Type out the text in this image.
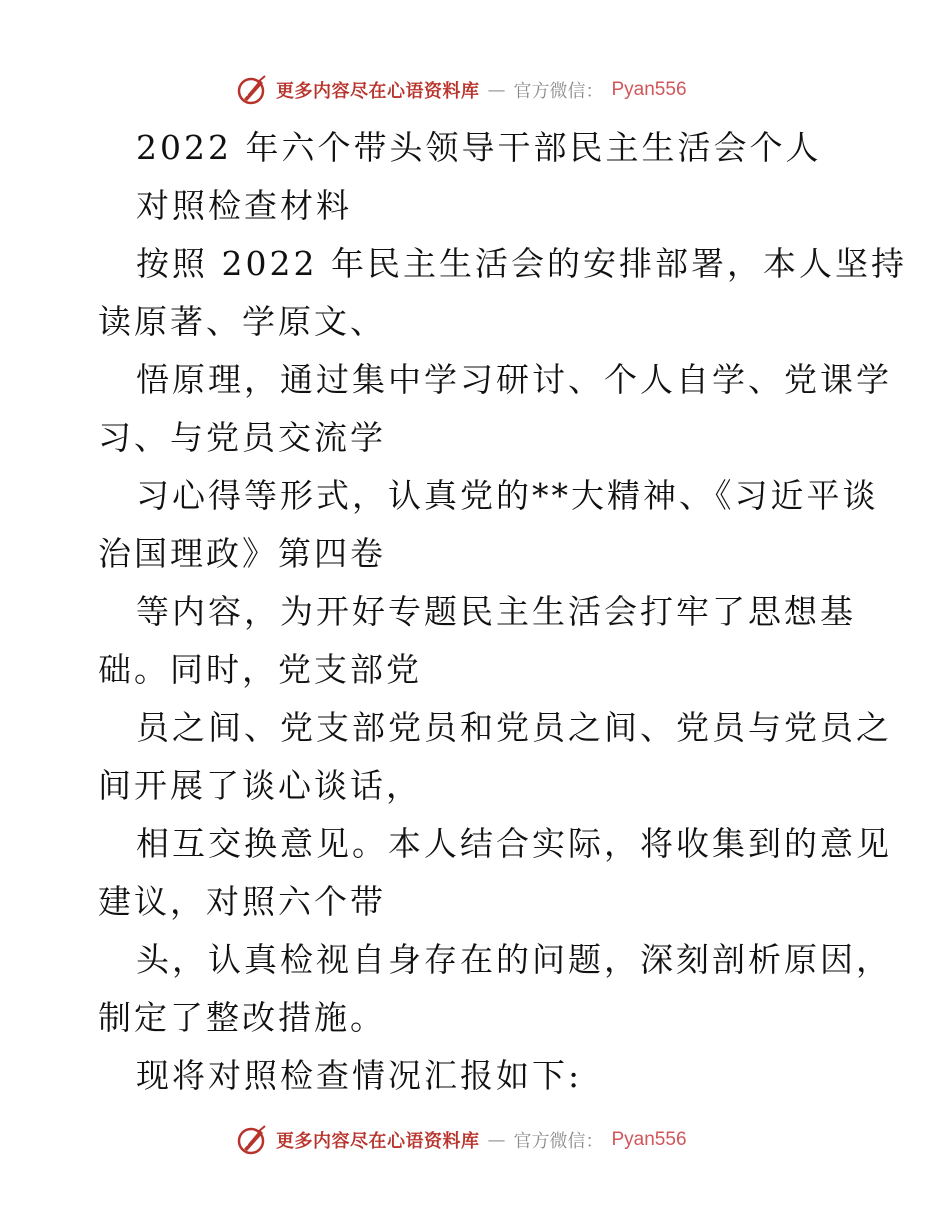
更多内容尽在心语资料库 — 官方微信： Pyan556
2022 年六个带头领导干部民主生活会个人
对照检查材料
按照 2022 年民主生活会的安排部署，本人坚持
读原著、学原文、
悟原理，通过集中学习研讨、个人自学、党课学
习、与党员交流学
习心得等形式，认真党的**大精神、《习近平谈
治国理政》第四卷
等内容，为开好专题民主生活会打牢了思想基
础。同时，党支部党
员之间、党支部党员和党员之间、党员与党员之
间开展了谈心谈话，
相互交换意见。本人结合实际，将收集到的意见
建议，对照六个带
头，认真检视自身存在的问题，深刻剖析原因，
制定了整改措施。
现将对照检查情况汇报如下:
更多内容尽在心语资料库 — 官方微信： Pyan556
